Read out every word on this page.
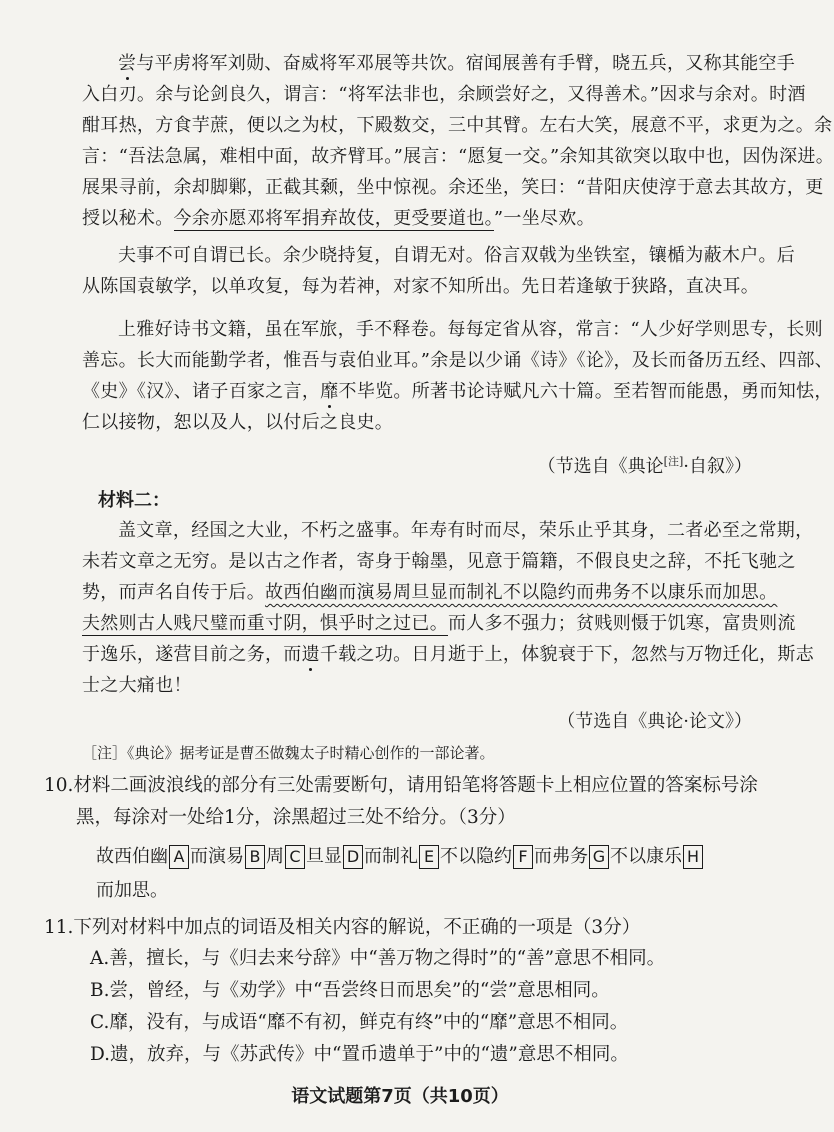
尝与平虏将军刘勋、奋威将军邓展等共饮。宿闻展善有手臂，晓五兵，又称其能空手
入白刃。余与论剑良久，谓言：“将军法非也，余顾尝好之，又得善术。”因求与余对。时酒
酣耳热，方食芋蔗，便以之为杖，下殿数交，三中其臂。左右大笑，展意不平，求更为之。余
言：“吾法急属，难相中面，故齐臂耳。”展言：“愿复一交。”余知其欲突以取中也，因伪深进。
展果寻前，余却脚鄛，正截其颡，坐中惊视。余还坐，笑曰：“昔阳庆使淳于意去其故方，更
授以秘术。今余亦愿邓将军捐弃故伎，更受要道也。”一坐尽欢。
夫事不可自谓已长。余少晓持复，自谓无对。俗言双戟为坐铁室，镶楯为蔽木户。后
从陈国袁敏学，以单攻复，每为若神，对家不知所出。先日若逢敏于狭路，直决耳。
上雅好诗书文籍，虽在军旅，手不释卷。每每定省从容，常言：“人少好学则思专，长则
善忘。长大而能勤学者，惟吾与袁伯业耳。”余是以少诵《诗》《论》，及长而备历五经、四部、
《史》《汉》、诸子百家之言，靡不毕览。所著书论诗赋凡六十篇。至若智而能愚，勇而知怯，
仁以接物，恕以及人，以付后之良史。
（节选自《典论[注]·自叙》）
材料二：
盖文章，经国之大业，不朽之盛事。年寿有时而尽，荣乐止乎其身，二者必至之常期，
未若文章之无穷。是以古之作者，寄身于翰墨，见意于篇籍，不假良史之辞，不托飞驰之
势，而声名自传于后。故西伯幽而演易周旦显而制礼不以隐约而弗务不以康乐而加思。
夫然则古人贱尺璧而重寸阴，惧乎时之过已。而人多不强力；贫贱则慑于饥寒，富贵则流
于逸乐，遂营目前之务，而遗千载之功。日月逝于上，体貌衰于下，忽然与万物迁化，斯志
士之大痛也！
（节选自《典论·论文》）
［注］《典论》据考证是曹丕做魏太子时精心创作的一部论著。
10.材料二画波浪线的部分有三处需要断句，请用铅笔将答题卡上相应位置的答案标号涂
黑，每涂对一处给1分，涂黑超过三处不给分。（3分）
故西伯幽 A 而演易 B 周 C 旦显 D 而制礼 E 不以隐约 F 而弗务 G 不以康乐 H
而加思。
11.下列对材料中加点的词语及相关内容的解说，不正确的一项是（3分）
A.善，擅长，与《归去来兮辞》中“善万物之得时”的“善”意思不相同。
B.尝，曾经，与《劝学》中“吾尝终日而思矣”的“尝”意思相同。
C.靡，没有，与成语“靡不有初，鲜克有终”中的“靡”意思不相同。
D.遗，放弃，与《苏武传》中“置币遗单于”中的“遗”意思不相同。
语文试题第7页（共10页）
